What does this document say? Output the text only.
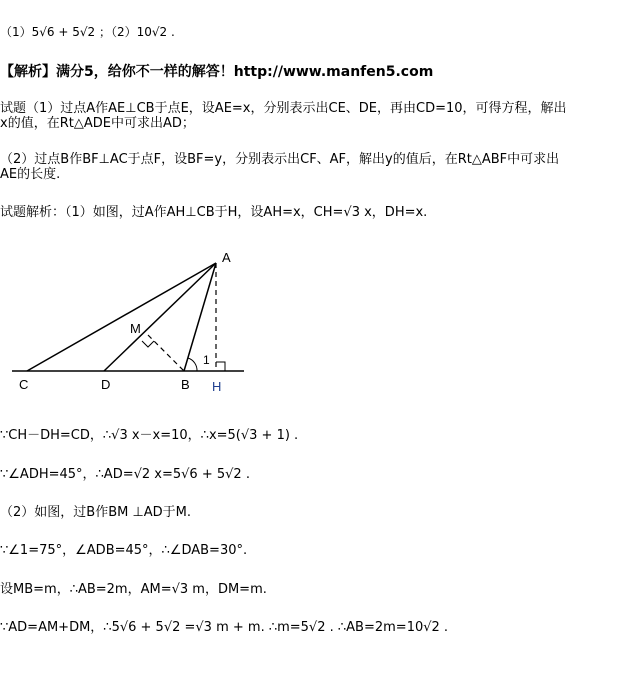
（1）5√6 + 5√2 ；（2）10√2 .
【解析】满分5，给你不一样的解答！http://www.manfen5.com
试题（1）过点A作AE⊥CB于点E，设AE=x，分别表示出CE、DE，再由CD=10，可得方程，解出
x的值，在Rt△ADE中可求出AD；
（2）过点B作BF⊥AC于点F，设BF=y，分别表示出CF、AF，解出y的值后，在Rt△ABF中可求出
AE的长度.
试题解析：（1）如图，过A作AH⊥CB于H，设AH=x，CH=√3 x，DH=x.
A
M
1
C	D	B H
∵CH－DH=CD，∴√3 x－x=10，∴x=5(√3 + 1) .
∵∠ADH=45°，∴AD=√2 x=5√6 + 5√2 .
（2）如图，过B作BM ⊥AD于M.
∵∠1=75°，∠ADB=45°，∴∠DAB=30°.
设MB=m，∴AB=2m，AM=√3 m，DM=m.
∵AD=AM+DM，∴5√6 + 5√2 =√3 m + m. ∴m=5√2 . ∴AB=2m=10√2 .
